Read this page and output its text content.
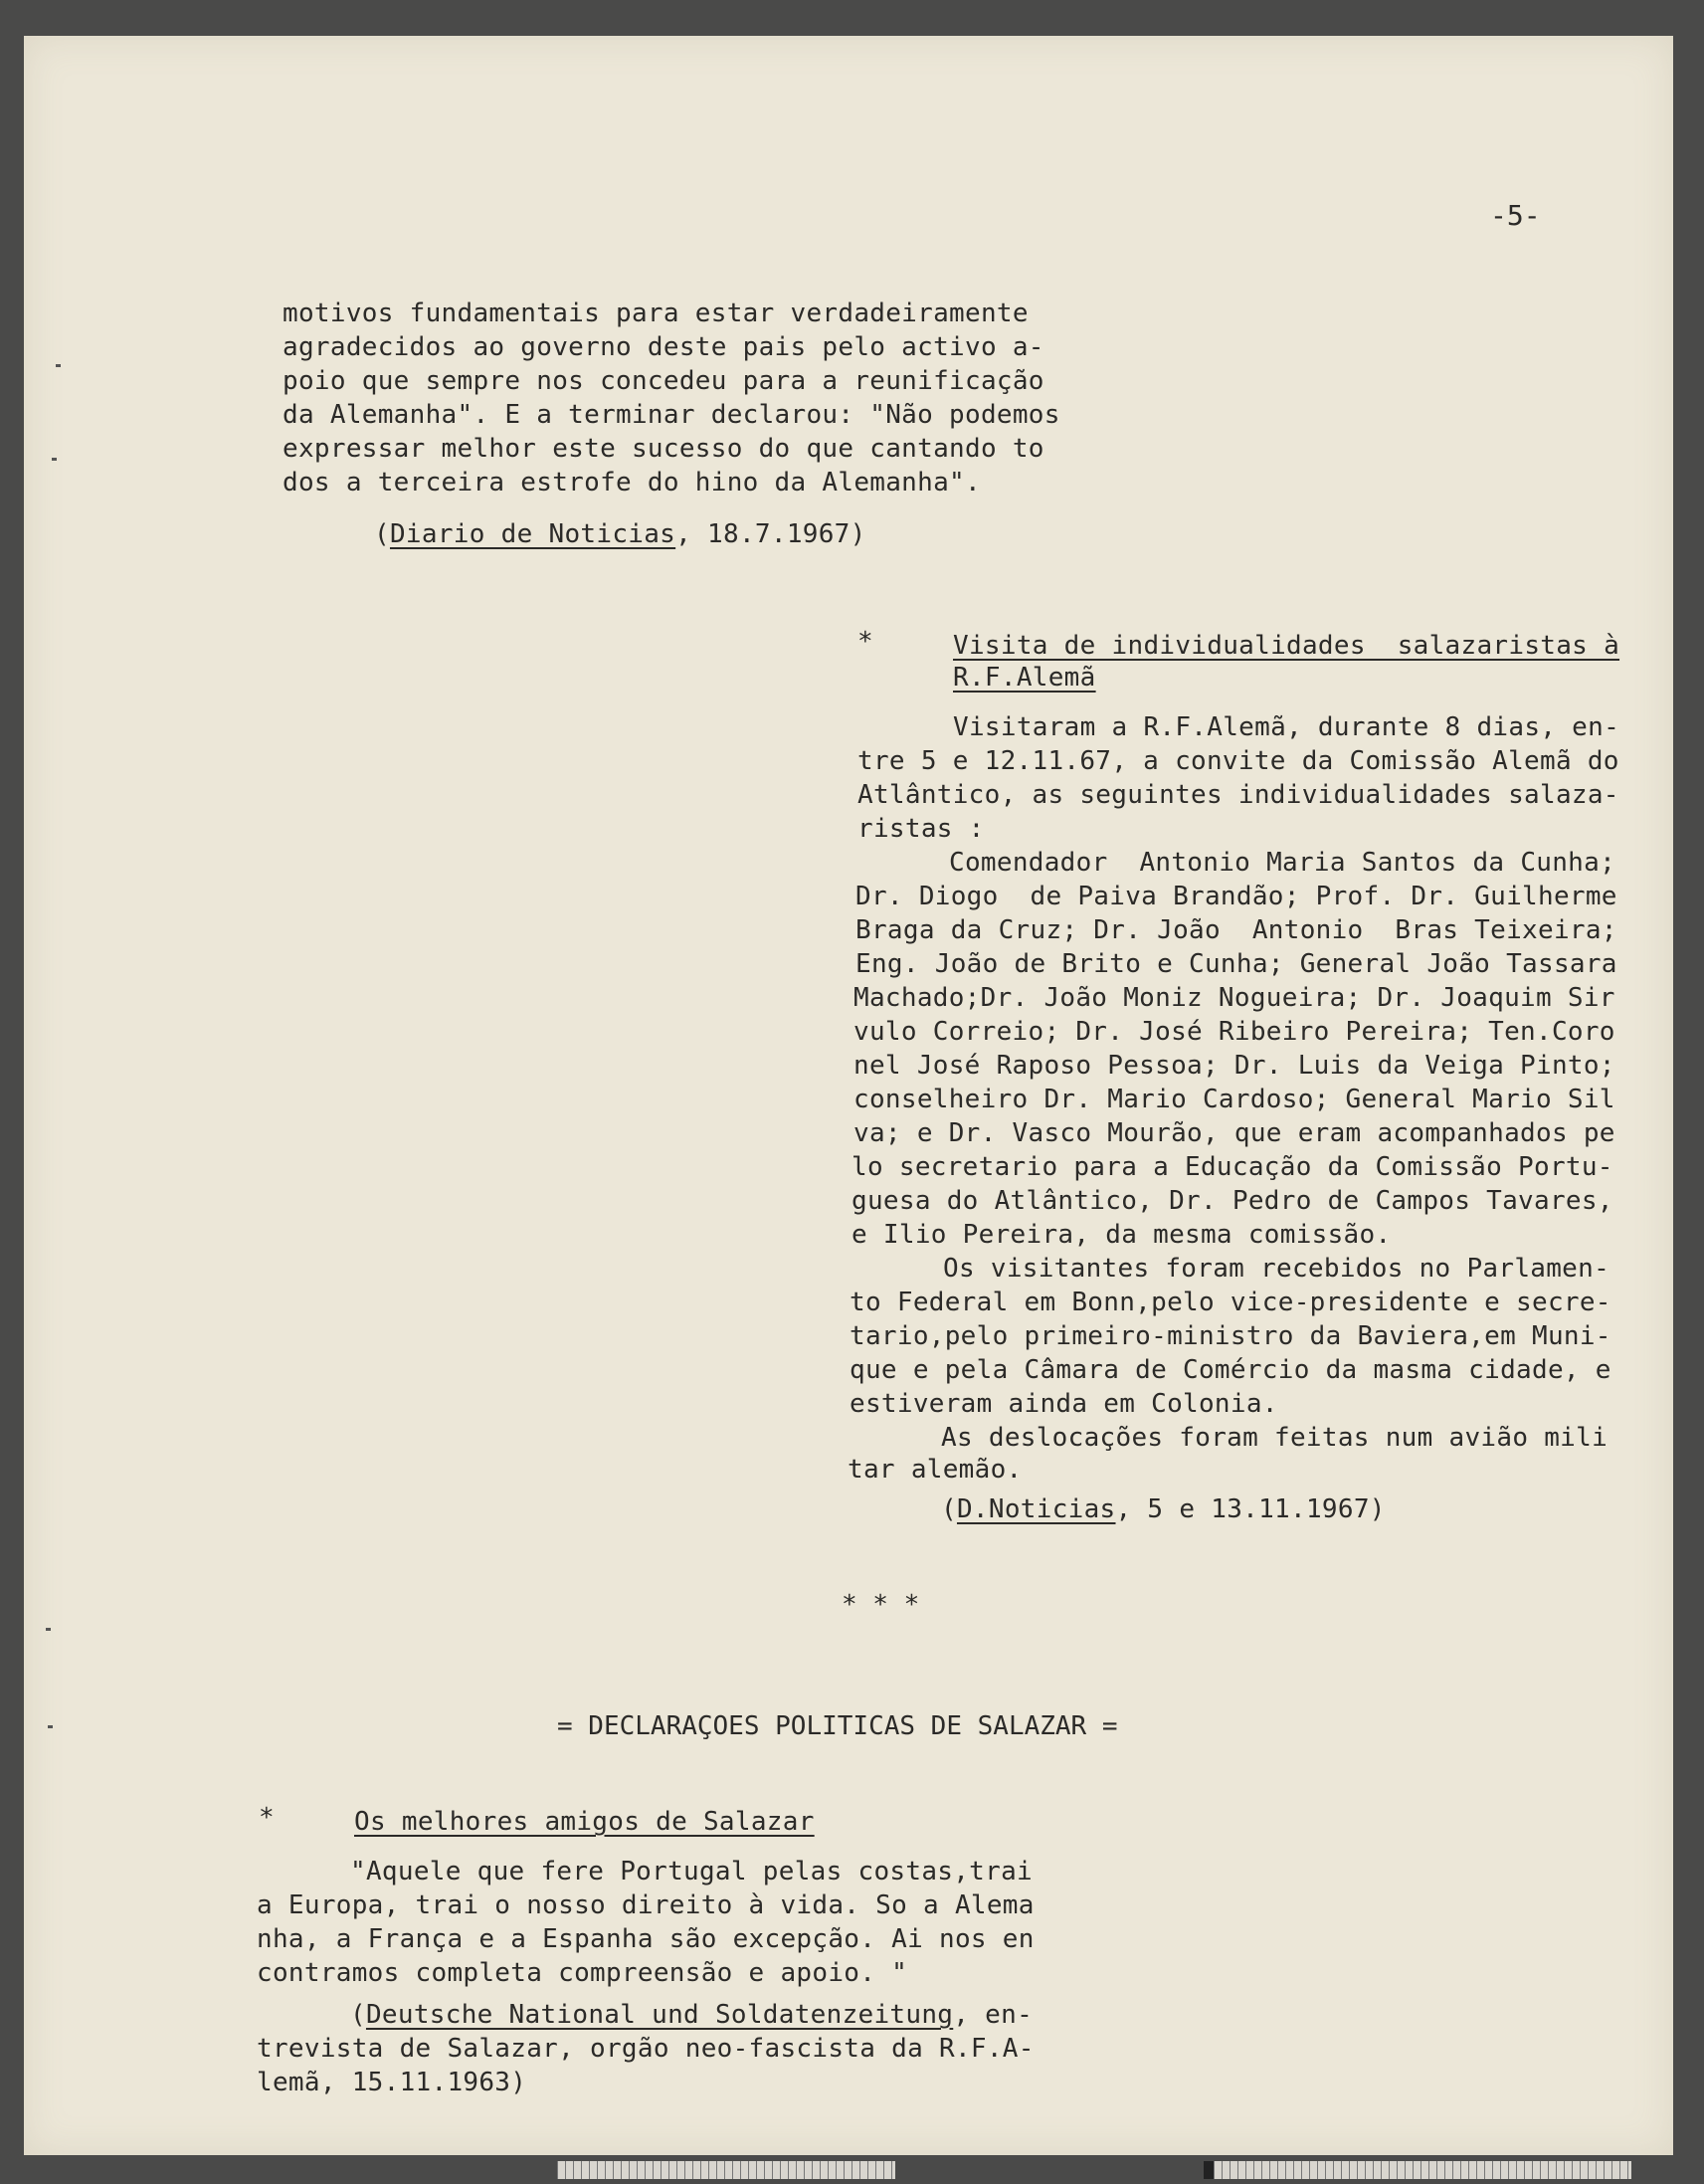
-5-
motivos fundamentais para estar verdadeiramente
agradecidos ao governo deste pais pelo activo a-
poio que sempre nos concedeu para a reunificação
da Alemanha". E a terminar declarou: "Não podemos
expressar melhor este sucesso do que cantando to
dos a terceira estrofe do hino da Alemanha".
(Diario de Noticias, 18.7.1967)
*	Visita de individualidades  salazaristas à
R.F.Alemã
Visitaram a R.F.Alemã, durante 8 dias, en-
tre 5 e 12.11.67, a convite da Comissão Alemã do
Atlântico, as seguintes individualidades salaza-
ristas :
Comendador  Antonio Maria Santos da Cunha;
Dr. Diogo  de Paiva Brandão; Prof. Dr. Guilherme
Braga da Cruz; Dr. João  Antonio  Bras Teixeira;
Eng. João de Brito e Cunha; General João Tassara
Machado;Dr. João Moniz Nogueira; Dr. Joaquim Sir
vulo Correio; Dr. José Ribeiro Pereira; Ten.Coro
nel José Raposo Pessoa; Dr. Luis da Veiga Pinto;
conselheiro Dr. Mario Cardoso; General Mario Sil
va; e Dr. Vasco Mourão, que eram acompanhados pe
lo secretario para a Educação da Comissão Portu-
guesa do Atlântico, Dr. Pedro de Campos Tavares,
e Ilio Pereira, da mesma comissão.
Os visitantes foram recebidos no Parlamen-
to Federal em Bonn,pelo vice-presidente e secre-
tario,pelo primeiro-ministro da Baviera,em Muni-
que e pela Câmara de Comércio da masma cidade, e
estiveram ainda em Colonia.
As deslocações foram feitas num avião mili
tar alemão.
(D.Noticias, 5 e 13.11.1967)
* * *
= DECLARAÇOES POLITICAS DE SALAZAR =
*	Os melhores amigos de Salazar
"Aquele que fere Portugal pelas costas,trai
a Europa, trai o nosso direito à vida. So a Alema
nha, a França e a Espanha são excepção. Ai nos en
contramos completa compreensão e apoio. "
(Deutsche National und Soldatenzeitung, en-
trevista de Salazar, orgão neo-fascista da R.F.A-
lemã, 15.11.1963)
